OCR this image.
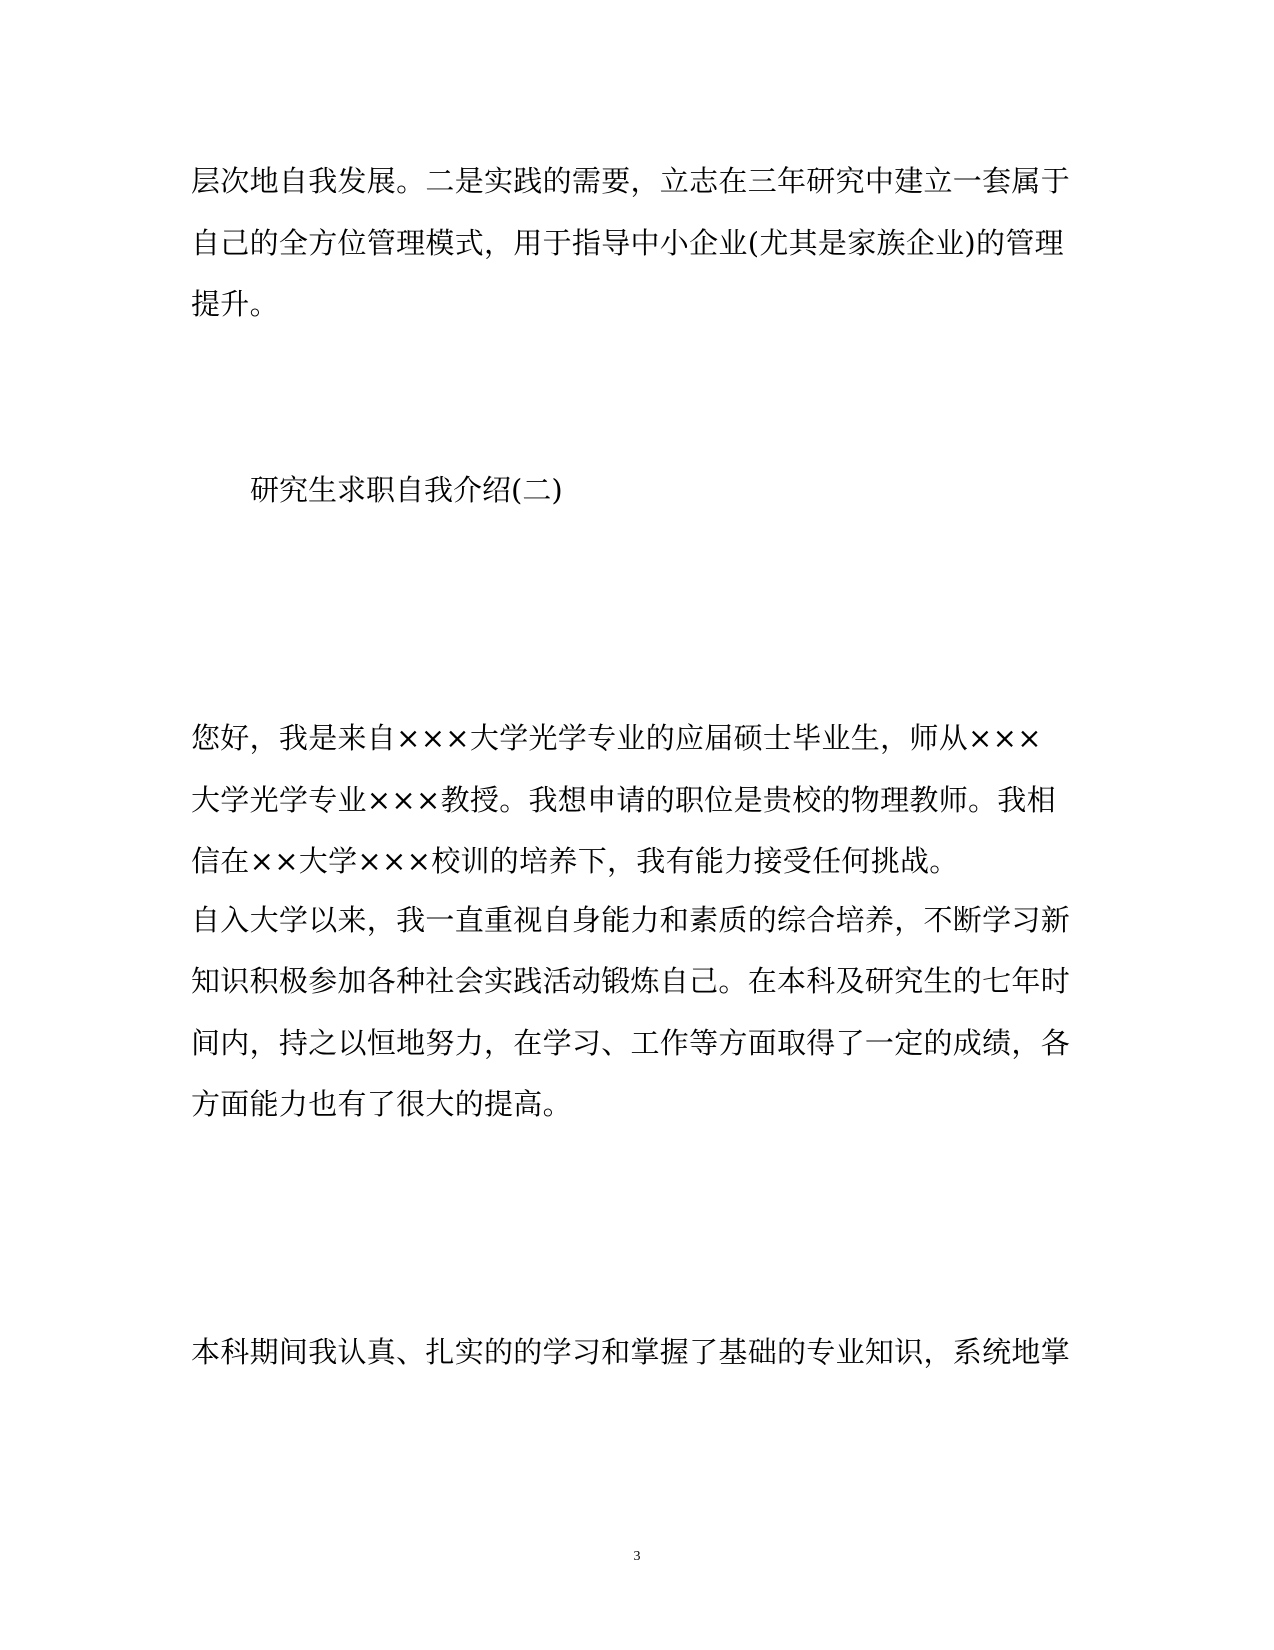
层次地自我发展。二是实践的需要，立志在三年研究中建立一套属于
自己的全方位管理模式，用于指导中小企业(尤其是家族企业)的管理
提升。
研究生求职自我介绍(二)
您好，我是来自×××大学光学专业的应届硕士毕业生，师从×××
大学光学专业×××教授。我想申请的职位是贵校的物理教师。我相
信在××大学×××校训的培养下，我有能力接受任何挑战。
自入大学以来，我一直重视自身能力和素质的综合培养，不断学习新
知识积极参加各种社会实践活动锻炼自己。在本科及研究生的七年时
间内，持之以恒地努力，在学习、工作等方面取得了一定的成绩，各
方面能力也有了很大的提高。
本科期间我认真、扎实的的学习和掌握了基础的专业知识，系统地掌
3
